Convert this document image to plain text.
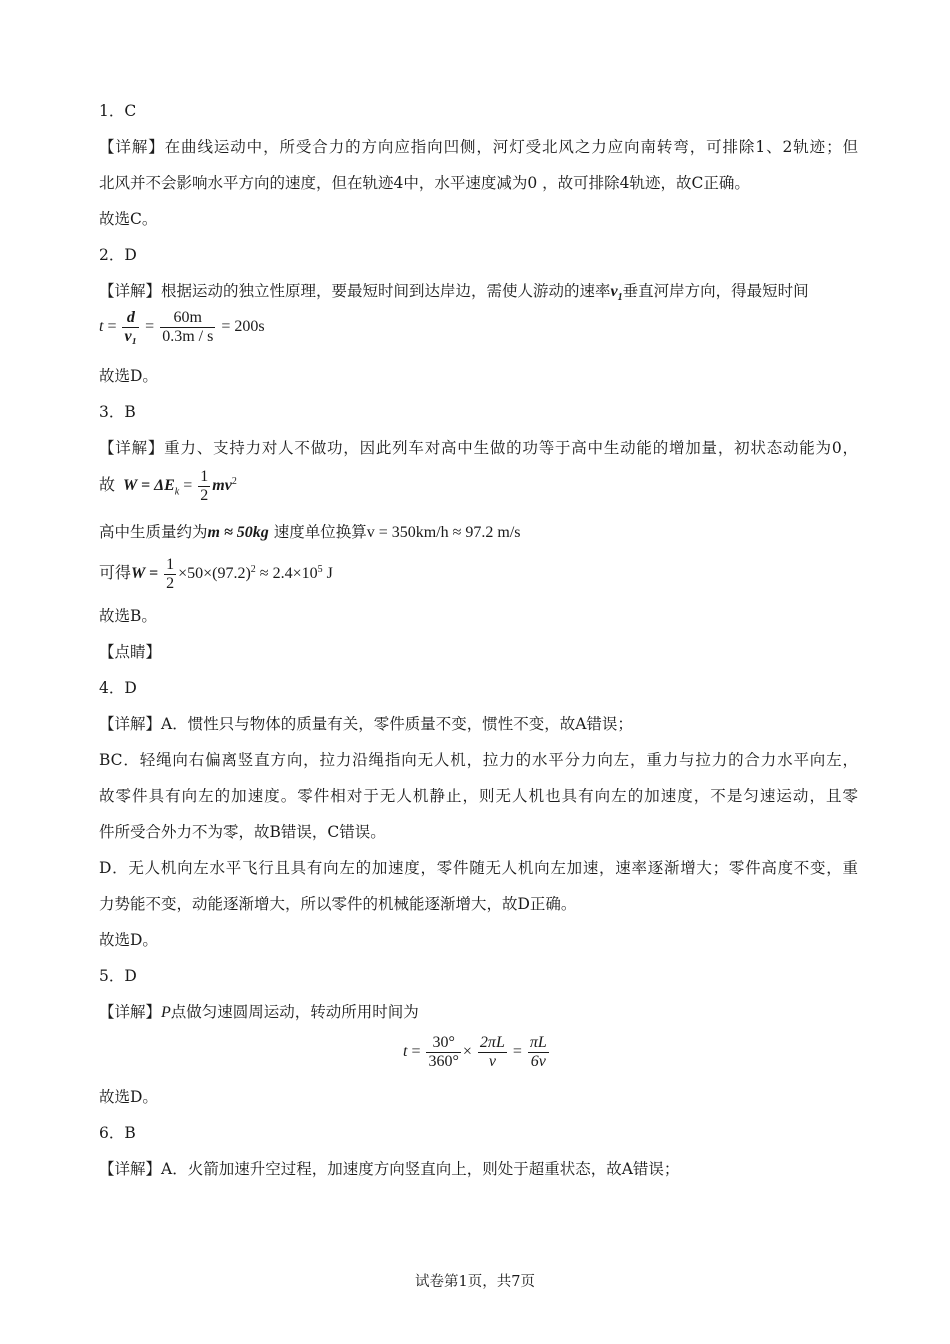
1．C
【详解】在曲线运动中，所受合力的方向应指向凹侧，河灯受北风之力应向南转弯，可排除1、2轨迹；但
北风并不会影响水平方向的速度，但在轨迹4中，水平速度减为0 ，故可排除4轨迹，故C正确。
故选C。
2．D
【详解】根据运动的独立性原理，要最短时间到达岸边，需使人游动的速率$v_1$垂直河岸方向，得最短时间
$t = \frac{d}{\text{v₁}} = \frac{60m}{0.3m / s} = 200s$
故选D。
3．B
【详解】重力、支持力对人不做功，因此列车对高中生做的功等于高中生动能的增加量，初状态动能为0，
故 $W = \Delta E_k = \frac{1}{2} mv^2$
高中生质量约为m ≈ 50kg 速度单位换算v = 350km/h ≈ 97.2 m/s
可得$W = \frac{1}{2} \times 50\times(97.2)^2 \approx 2.4\times 10^5$ J
故选B。
【点睛】
4．D
【详解】A．惯性只与物体的质量有关，零件质量不变，惯性不变，故A错误；
BC．轻绳向右偏离竖直方向，拉力沿绳指向无人机，拉力的水平分力向左，重力与拉力的合力水平向左，
故零件具有向左的加速度。零件相对于无人机静止，则无人机也具有向左的加速度，不是匀速运动，且零
件所受合外力不为零，故B错误，C错误。
D．无人机向左水平飞行且具有向左的加速度，零件随无人机向左加速，速率逐渐增大；零件高度不变，重
力势能不变，动能逐渐增大，所以零件的机械能逐渐增大，故D正确。
故选D。
5．D
【详解】P点做匀速圆周运动，转动所用时间为
$t = \frac{30^\circ}{360^\circ} \times \frac{2\pi L}{v} = \frac{\pi L}{6v}$
故选D。
6．B
【详解】A．火箭加速升空过程，加速度方向竖直向上，则处于超重状态，故A错误；
试卷第1页，共7页
